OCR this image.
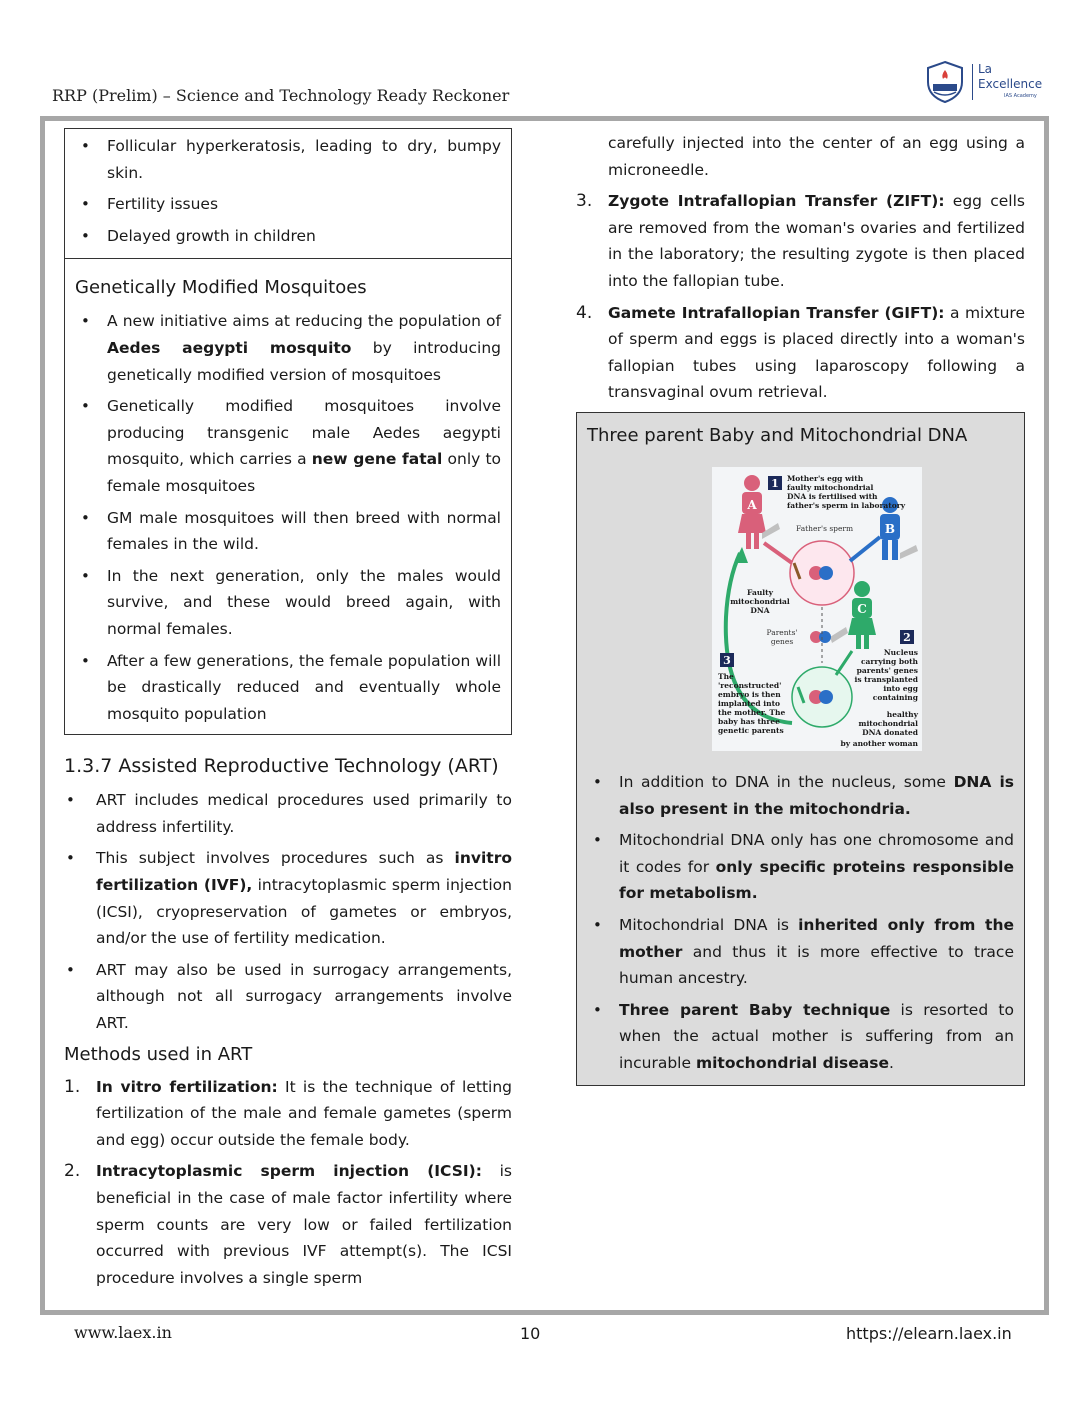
RRP (Prelim) – Science and Technology Ready Reckoner
La
Excellence
IAS Academy
• Follicular hyperkeratosis, leading to dry, bumpy skin.
• Fertility issues
• Delayed growth in children
Genetically Modified Mosquitoes
• A new initiative aims at reducing the population of Aedes aegypti mosquito by introducing genetically modified version of mosquitoes
• Genetically modified mosquitoes involve producing transgenic male Aedes aegypti mosquito, which carries a new gene fatal only to female mosquitoes
• GM male mosquitoes will then breed with normal females in the wild.
• In the next generation, only the males would survive, and these would breed again, with normal females.
• After a few generations, the female population will be drastically reduced and eventually whole mosquito population
1.3.7 Assisted Reproductive Technology (ART)
• ART includes medical procedures used primarily to address infertility.
• This subject involves procedures such as invitro fertilization (IVF), intracytoplasmic sperm injection (ICSI), cryopreservation of gametes or embryos, and/or the use of fertility medication.
• ART may also be used in surrogacy arrangements, although not all surrogacy arrangements involve ART.
Methods used in ART
1. In vitro fertilization: It is the technique of letting fertilization of the male and female gametes (sperm and egg) occur outside the female body.
2. Intracytoplasmic sperm injection (ICSI): is beneficial in the case of male factor infertility where sperm counts are very low or failed fertilization occurred with previous IVF attempt(s). The ICSI procedure involves a single sperm
carefully injected into the center of an egg using a microneedle.
3. Zygote Intrafallopian Transfer (ZIFT): egg cells are removed from the woman's ovaries and fertilized in the laboratory; the resulting zygote is then placed into the fallopian tube.
4. Gamete Intrafallopian Transfer (GIFT): a mixture of sperm and eggs is placed directly into a woman's fallopian tubes using laparoscopy following a transvaginal ovum retrieval.
Three parent Baby and Mitochondrial DNA
A
B
C
1
2
3
Mother's egg with
faulty mitochondrial
DNA is fertilised with
father's sperm in laboratory
Father's sperm
Faulty
mitochondrial
DNA
Parents'
genes
Nucleus
carrying both
parents' genes
is transplanted
into egg
containing
healthy
mitochondrial
DNA donated
by another woman
The
'reconstructed'
embryo is then
implanted into
the mother. The
baby has three
genetic parents
• In addition to DNA in the nucleus, some DNA is also present in the mitochondria.
• Mitochondrial DNA only has one chromosome and it codes for only specific proteins responsible for metabolism.
• Mitochondrial DNA is inherited only from the mother and thus it is more effective to trace human ancestry.
• Three parent Baby technique is resorted to when the actual mother is suffering from an incurable mitochondrial disease.
www.laex.in	10	https://elearn.laex.in
